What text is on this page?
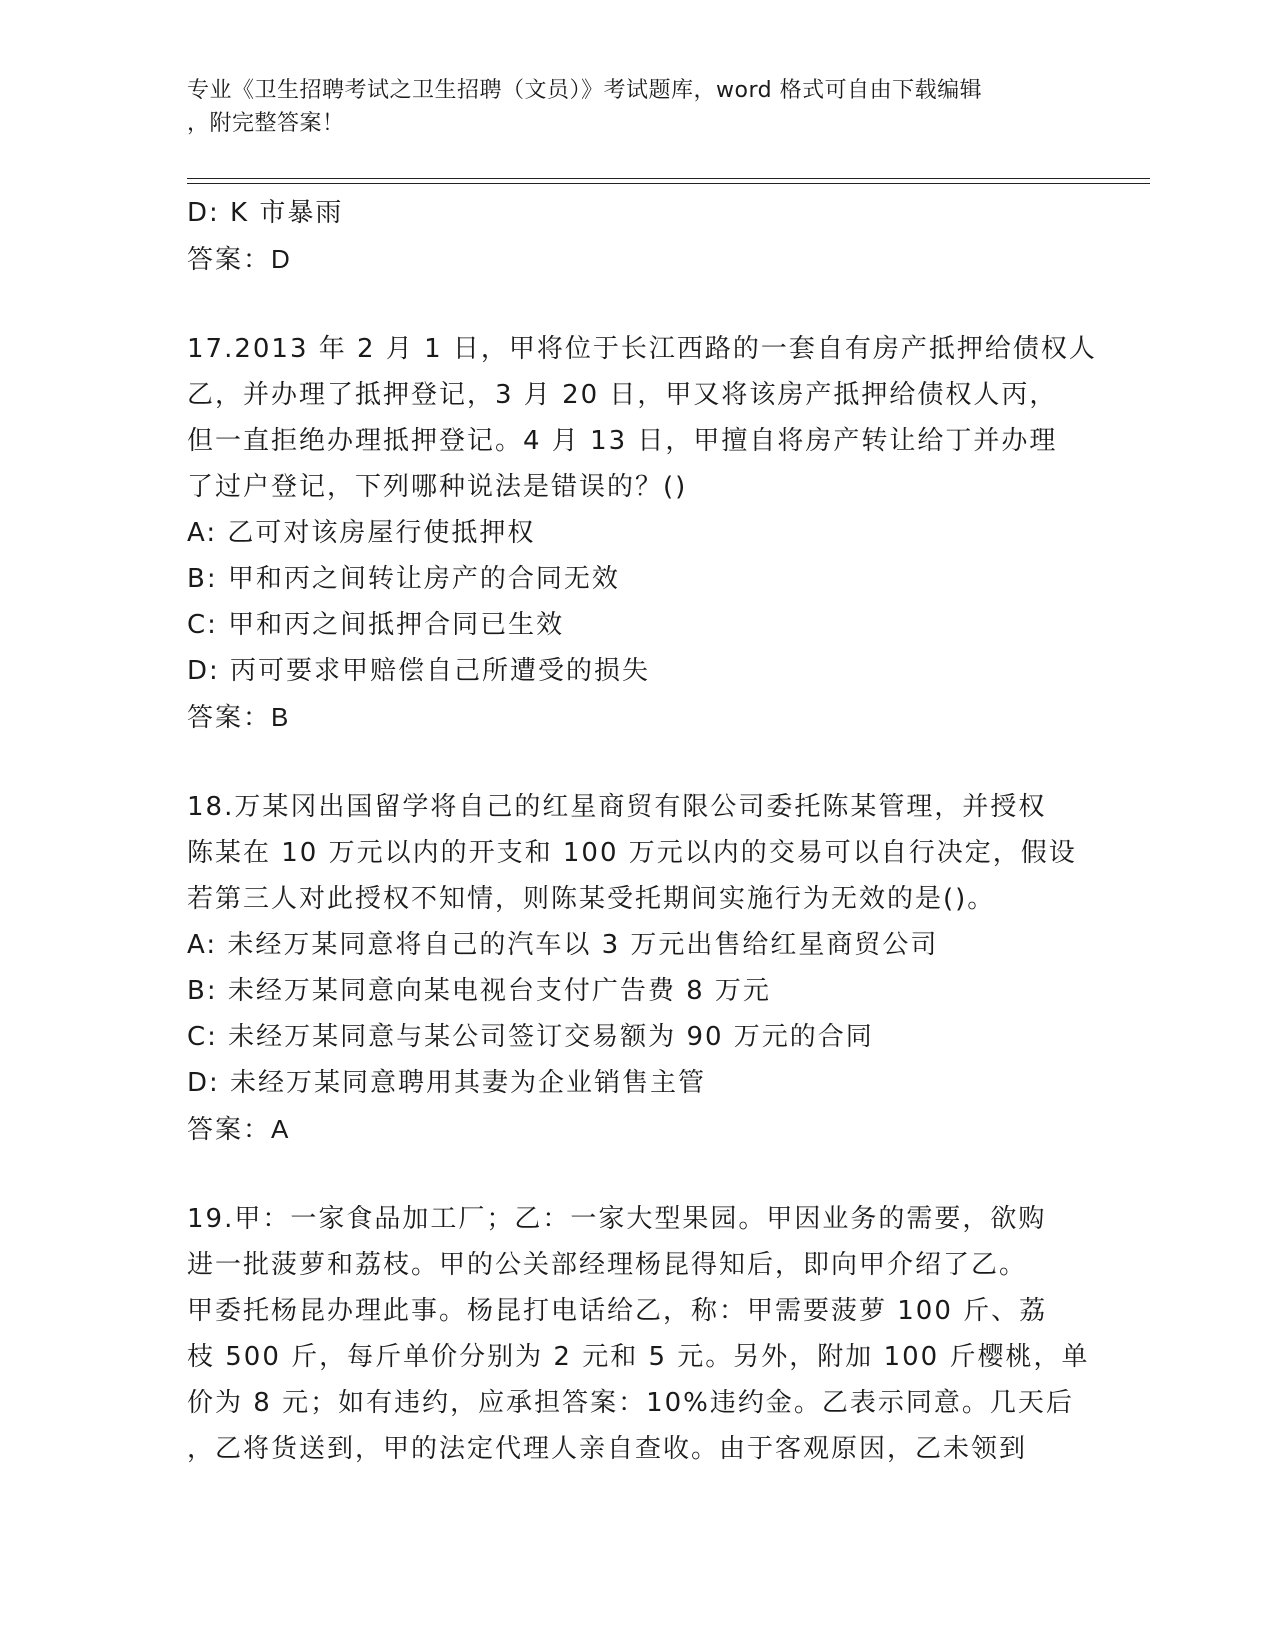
专业《卫生招聘考试之卫生招聘（文员）》考试题库，word 格式可自由下载编辑
，附完整答案！
D: K 市暴雨
答案：D
17.2013 年 2 月 1 日，甲将位于长江西路的一套自有房产抵押给债权人
乙，并办理了抵押登记，3 月 20 日，甲又将该房产抵押给债权人丙，
但一直拒绝办理抵押登记。4 月 13 日，甲擅自将房产转让给丁并办理
了过户登记，下列哪种说法是错误的？()
A: 乙可对该房屋行使抵押权
B: 甲和丙之间转让房产的合同无效
C: 甲和丙之间抵押合同已生效
D: 丙可要求甲赔偿自己所遭受的损失
答案：B
18.万某冈出国留学将自己的红星商贸有限公司委托陈某管理，并授权
陈某在 10 万元以内的开支和 100 万元以内的交易可以自行决定，假设
若第三人对此授权不知情，则陈某受托期间实施行为无效的是()。
A: 未经万某同意将自己的汽车以 3 万元出售给红星商贸公司
B: 未经万某同意向某电视台支付广告费 8 万元
C: 未经万某同意与某公司签订交易额为 90 万元的合同
D: 未经万某同意聘用其妻为企业销售主管
答案：A
19.甲：一家食品加工厂；乙：一家大型果园。甲因业务的需要，欲购
进一批菠萝和荔枝。甲的公关部经理杨昆得知后，即向甲介绍了乙。
甲委托杨昆办理此事。杨昆打电话给乙，称：甲需要菠萝 100 斤、荔
枝 500 斤，每斤单价分别为 2 元和 5 元。另外，附加 100 斤樱桃，单
价为 8 元；如有违约，应承担答案：10%违约金。乙表示同意。几天后
，乙将货送到，甲的法定代理人亲自查收。由于客观原因，乙未领到
